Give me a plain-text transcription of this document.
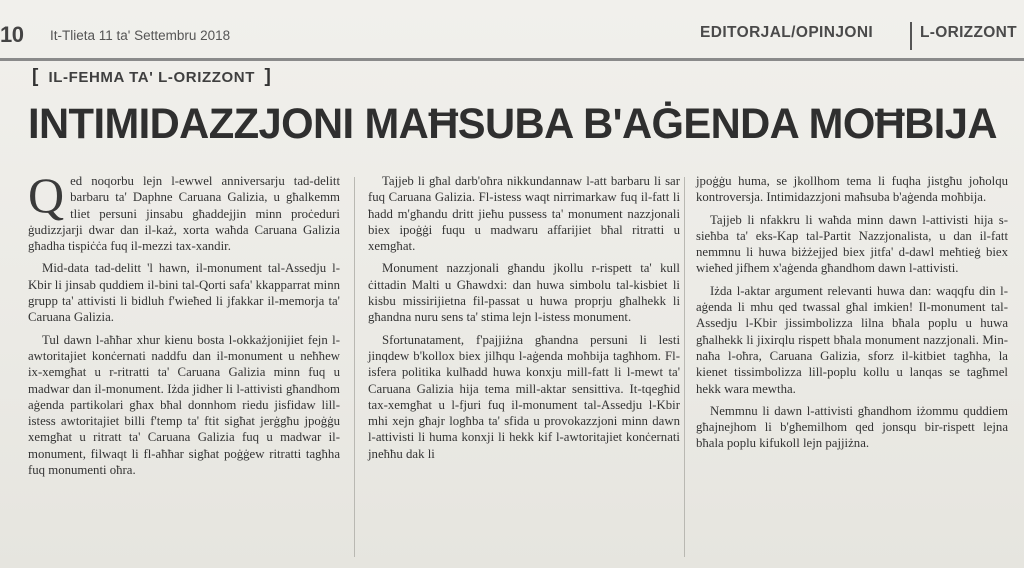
10 It-Tlieta 11 ta' Settembru 2018	EDITORJAL/OPINJONI	L-ORIZZONT
[ IL-FEHMA TA' L-ORIZZONT ]
INTIMIDAZZJONI MAĦSUBA B'AĠENDA MOĦBIJA

Qed noqorbu lejn l-ewwel anniversarju tad-delitt barbaru ta' Daphne Caruana Galizia, u għalkemm tliet persuni jinsabu għaddejjin minn proċeduri ġudizzjarji dwar dan il-każ, xorta waħda Caruana Galizia għadha tispiċċa fuq il-mezzi tax-xandir.

Mid-data tad-delitt 'l hawn, il-monument tal-Assedju l-Kbir li jinsab quddiem il-bini tal-Qorti safa' kkapparrat minn grupp ta' attivisti li bidluh f'wieħed li jfakkar il-memorja ta' Caruana Galizia.

Tul dawn l-aħħar xhur kienu bosta l-okkażjonijiet fejn l-awtoritajiet konċernati naddfu dan il-monument u neħħew ix-xemgħat u r-ritratti ta' Caruana Galizia minn fuq u madwar dan il-monument. Iżda jidher li l-attivisti għandhom aġenda partikolari għax bħal donnhom riedu jisfidaw lill-istess awtoritajiet billi f'temp ta' ftit sigħat jerġgħu jpoġġu xemgħat u ritratt ta' Caruana Galizia fuq u madwar il-monument, filwaqt li fl-aħħar sigħat poġġew ritratti tagħha fuq monumenti oħra.

Tajjeb li għal darb'oħra nikkundannaw l-att barbaru li sar fuq Caruana Galizia. Fl-istess waqt nirrimarkaw fuq il-fatt li ħadd m'għandu dritt jieħu pussess ta' monument nazzjonali biex ipoġġi fuqu u madwaru affarijiet bħal ritratti u xemgħat.

Monument nazzjonali għandu jkollu r-rispett ta' kull ċittadin Malti u Għawdxi: dan huwa simbolu tal-kisbiet li kisbu missirijietna fil-passat u huwa proprju għalhekk li għandna nuru sens ta' stima lejn l-istess monument.

Sfortunatament, f'pajjiżna għandna persuni li lesti jinqdew b'kollox biex jilħqu l-aġenda moħbija tagħhom. Fl-isfera politika kulħadd huwa konxju mill-fatt li l-mewt ta' Caruana Galizia hija tema mill-aktar sensittiva. It-tqegħid tax-xemgħat u l-fjuri fuq il-monument tal-Assedju l-Kbir mhi xejn għajr logħba ta' sfida u provokazzjoni minn dawn l-attivisti li huma konxji li hekk kif l-awtoritajiet konċernati jneħħu dak li

jpoġġu huma, se jkollhom tema li fuqha jistgħu joħolqu kontroversja. Intimidazzjoni maħsuba b'aġenda moħbija.

Tajjeb li nfakkru li waħda minn dawn l-attivisti hija s-sieħba ta' eks-Kap tal-Partit Nazzjonalista, u dan il-fatt nemmnu li huwa biżżejjed biex jitfa' d-dawl meħtieġ biex wieħed jifhem x'aġenda għandhom dawn l-attivisti.

Iżda l-aktar argument relevanti huwa dan: waqqfu din l-aġenda li mhu qed twassal għal imkien! Il-monument tal-Assedju l-Kbir jissimbolizza lilna bħala poplu u huwa għalhekk li jixirqlu rispett bħala monument nazzjonali. Min-naħa l-oħra, Caruana Galizia, sforz il-kitbiet tagħha, la kienet tissimbolizza lill-poplu kollu u lanqas se tagħmel hekk wara mewtha.

Nemmnu li dawn l-attivisti għandhom iżommu quddiem għajnejhom li b'għemilhom qed jonsqu bir-rispett lejna bħala poplu kifukoll lejn pajjiżna.
